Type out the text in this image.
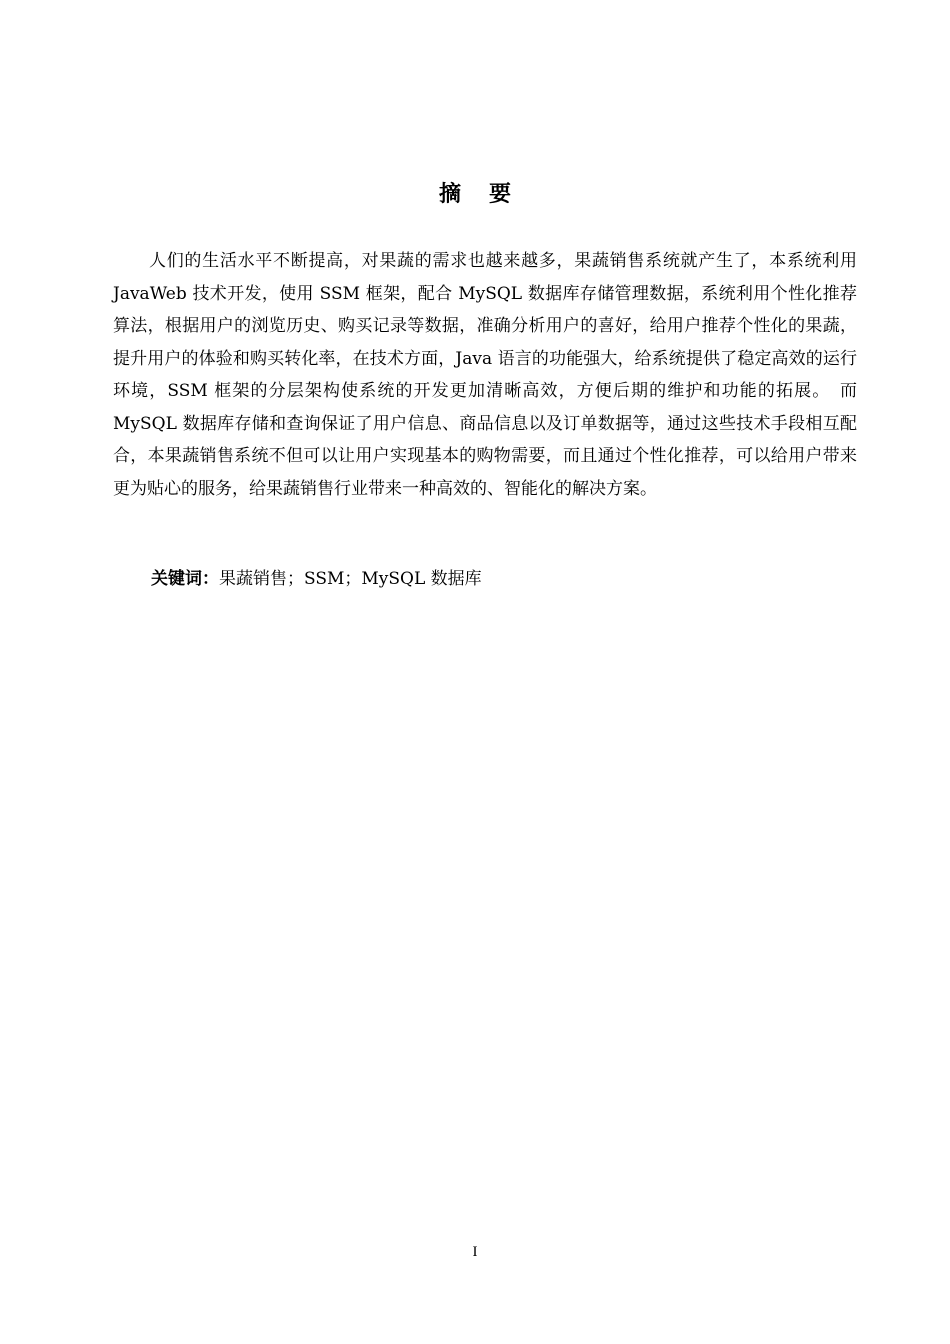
摘 要

人们的生活水平不断提高，对果蔬的需求也越来越多，果蔬销售系统就产生了，本系统利用 JavaWeb 技术开发，使用 SSM 框架，配合 MySQL 数据库存储管理数据，系统利用个性化推荐算法，根据用户的浏览历史、购买记录等数据，准确分析用户的喜好，给用户推荐个性化的果蔬，提升用户的体验和购买转化率，在技术方面，Java 语言的功能强大，给系统提供了稳定高效的运行环境，SSM 框架的分层架构使系统的开发更加清晰高效，方便后期的维护和功能的拓展。　而 MySQL 数据库存储和查询保证了用户信息、商品信息以及订单数据等，通过这些技术手段相互配合，本果蔬销售系统不但可以让用户实现基本的购物需要，而且通过个性化推荐，可以给用户带来更为贴心的服务，给果蔬销售行业带来一种高效的、智能化的解决方案。

关键词：果蔬销售；SSM；MySQL 数据库
I
